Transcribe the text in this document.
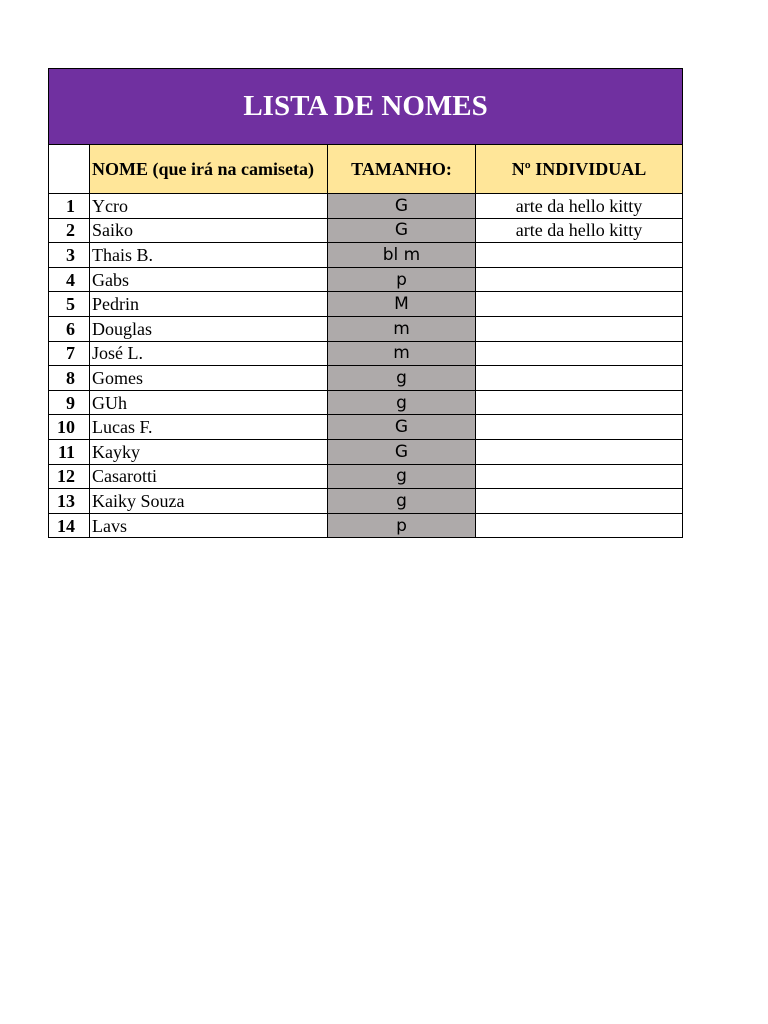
LISTA DE NOMES			
	NOME (que irá na camiseta)	TAMANHO:	Nº INDIVIDUAL
1	Ycro	G	arte da hello kitty
2	Saiko	G	arte da hello kitty
3	Thais B.	bl m	
4	Gabs	p	
5	Pedrin	M	
6	Douglas	m	
7	José L.	m	
8	Gomes	g	
9	GUh	g	
10	Lucas F.	G	
11	Kayky	G	
12	Casarotti	g	
13	Kaiky Souza	g	
14	Lavs	p	
